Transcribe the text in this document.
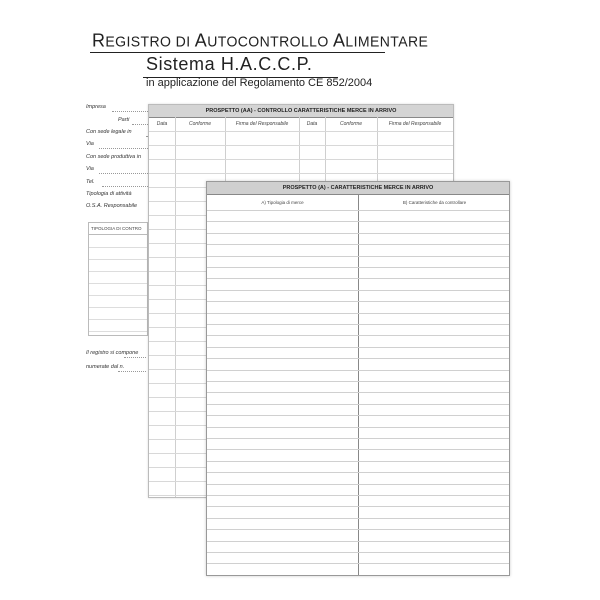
REGISTRO DI AUTOCONTROLLO ALIMENTARE
Sistema H.A.C.C.P.
in applicazione del Regolamento CE 852/2004
Impresa
Parti
Con sede legale in
Via
Con sede produttiva in
Via
Tel.
Tipologia di attività
O.S.A. Responsabile
TIPOLOGIA DI CONTRO
Il registro si compone
numerate dal n.
PROSPETTO (AA) - CONTROLLO CARATTERISTICHE MERCE IN ARRIVO
Data	Conforme	Firma del Responsabile	Data	Conforme	Firma del Responsabile
PROSPETTO (A) - CARATTERISTICHE MERCE IN ARRIVO
A) Tipologia di merce	B) Caratteristiche da controllare
